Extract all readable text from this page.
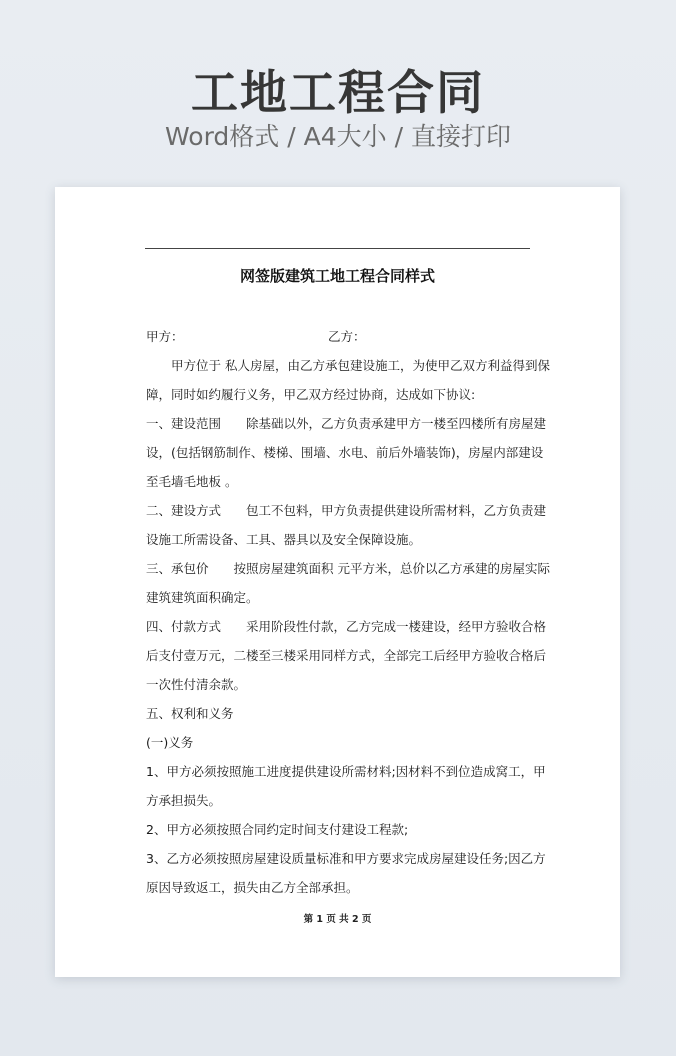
工地工程合同
Word格式 / A4大小 / 直接打印
网签版建筑工地工程合同样式
甲方：	乙方：

甲方位于 私人房屋，由乙方承包建设施工，为使甲乙双方利益得到保障，同时如约履行义务，甲乙双方经过协商，达成如下协议:

一、建设范围　　除基础以外，乙方负责承建甲方一楼至四楼所有房屋建设，(包括钢筋制作、楼梯、围墙、水电、前后外墙装饰)，房屋内部建设至毛墙毛地板 。

二、建设方式　　包工不包料，甲方负责提供建设所需材料，乙方负责建设施工所需设备、工具、器具以及安全保障设施。

三、承包价　　按照房屋建筑面积 元平方米，总价以乙方承建的房屋实际建筑建筑面积确定。

四、付款方式　　采用阶段性付款，乙方完成一楼建设，经甲方验收合格后支付壹万元，二楼至三楼采用同样方式，全部完工后经甲方验收合格后一次性付清余款。

五、权利和义务

(一)义务

1、甲方必须按照施工进度提供建设所需材料;因材料不到位造成窝工，甲方承担损失。

2、甲方必须按照合同约定时间支付建设工程款;

3、乙方必须按照房屋建设质量标准和甲方要求完成房屋建设任务;因乙方原因导致返工，损失由乙方全部承担。

第 1 页 共 2 页
